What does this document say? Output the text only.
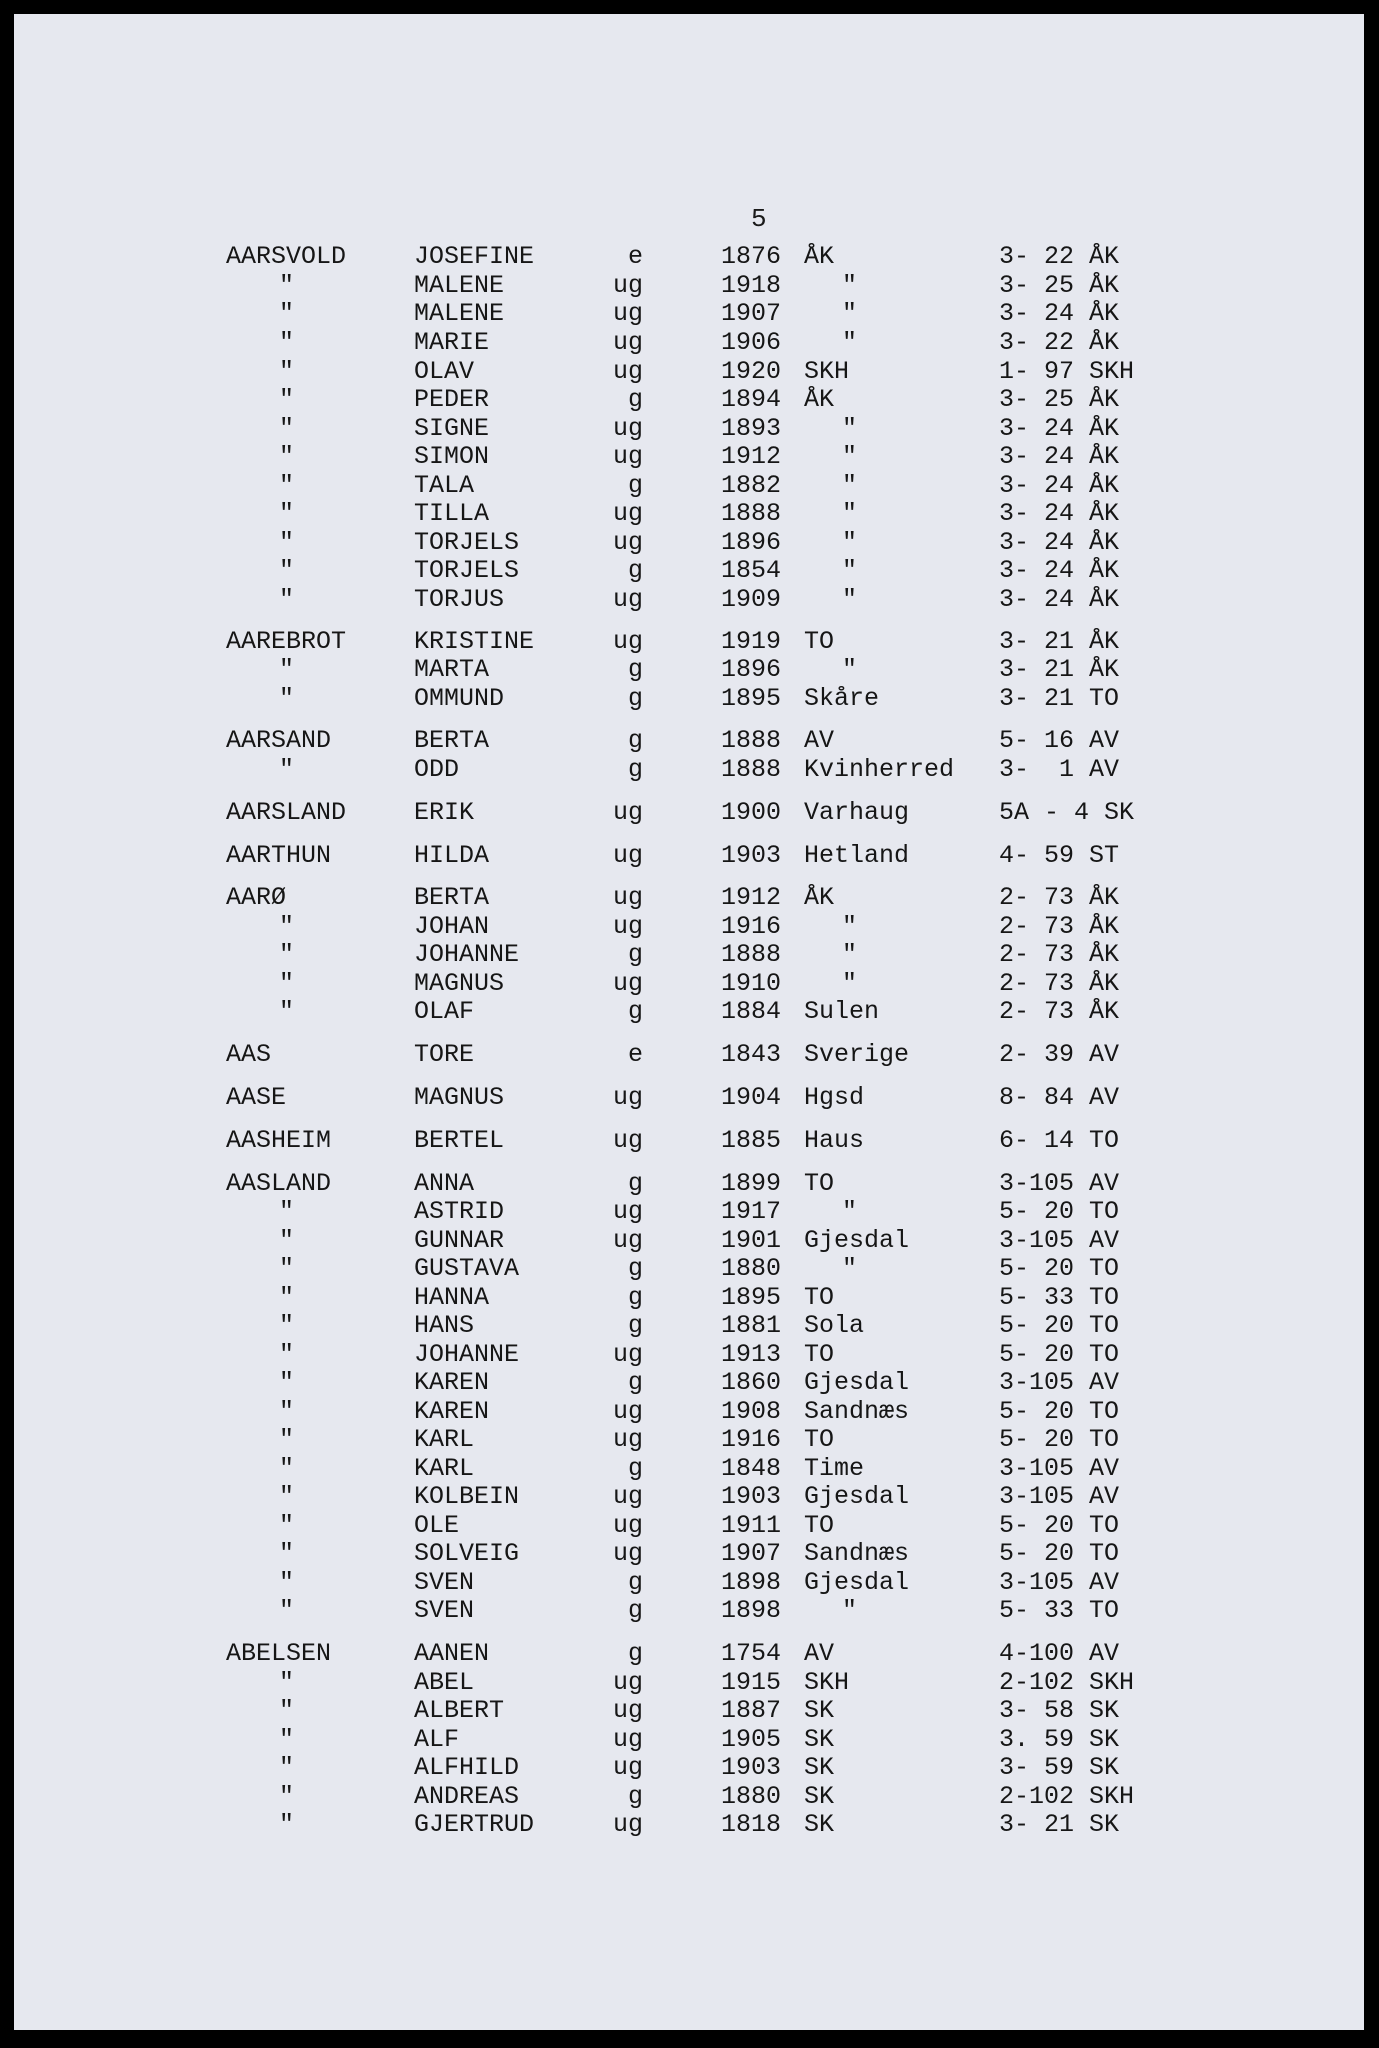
5
AARSVOLD	JOSEFINE	e	1876 ÅK	3- 22 ÅK
"	MALENE	ug	1918 "	3- 25 ÅK
"	MALENE	ug	1907 "	3- 24 ÅK
"	MARIE	ug	1906 "	3- 22 ÅK
"	OLAV	ug	1920 SKH	1- 97 SKH
"	PEDER	g	1894 ÅK	3- 25 ÅK
"	SIGNE	ug	1893 "	3- 24 ÅK
"	SIMON	ug	1912 "	3- 24 ÅK
"	TALA	g	1882 "	3- 24 ÅK
"	TILLA	ug	1888 "	3- 24 ÅK
"	TORJELS	ug	1896 "	3- 24 ÅK
"	TORJELS	g	1854 "	3- 24 ÅK
"	TORJUS	ug	1909 "	3- 24 ÅK
AAREBROT	KRISTINE	ug	1919 TO	3- 21 ÅK
"	MARTA	g	1896 "	3- 21 ÅK
"	OMMUND	g	1895 Skåre	3- 21 TO
AARSAND	BERTA	g	1888 AV	5- 16 AV
"	ODD	g	1888 Kvinherred 3-  1 AV
AARSLAND	ERIK	ug	1900 Varhaug	5A - 4 SK
AARTHUN	HILDA	ug	1903 Hetland	4- 59 ST
AARØ	BERTA	ug	1912 ÅK	2- 73 ÅK
"	JOHAN	ug	1916 "	2- 73 ÅK
"	JOHANNE	g	1888 "	2- 73 ÅK
"	MAGNUS	ug	1910 "	2- 73 ÅK
"	OLAF	g	1884 Sulen	2- 73 ÅK
AAS	TORE	e	1843 Sverige	2- 39 AV
AASE	MAGNUS	ug	1904 Hgsd	8- 84 AV
AASHEIM	BERTEL	ug	1885 Haus	6- 14 TO
AASLAND	ANNA	g	1899 TO	3-105 AV
"	ASTRID	ug	1917 "	5- 20 TO
"	GUNNAR	ug	1901 Gjesdal	3-105 AV
"	GUSTAVA	g	1880 "	5- 20 TO
"	HANNA	g	1895 TO	5- 33 TO
"	HANS	g	1881 Sola	5- 20 TO
"	JOHANNE	ug	1913 TO	5- 20 TO
"	KAREN	g	1860 Gjesdal	3-105 AV
"	KAREN	ug	1908 Sandnæs	5- 20 TO
"	KARL	ug	1916 TO	5- 20 TO
"	KARL	g	1848 Time	3-105 AV
"	KOLBEIN	ug	1903 Gjesdal	3-105 AV
"	OLE	ug	1911 TO	5- 20 TO
"	SOLVEIG	ug	1907 Sandnæs	5- 20 TO
"	SVEN	g	1898 Gjesdal	3-105 AV
"	SVEN	g	1898 "	5- 33 TO
ABELSEN	AANEN	g	1754 AV	4-100 AV
"	ABEL	ug	1915 SKH	2-102 SKH
"	ALBERT	ug	1887 SK	3- 58 SK
"	ALF	ug	1905 SK	3. 59 SK
"	ALFHILD	ug	1903 SK	3- 59 SK
"	ANDREAS	g	1880 SK	2-102 SKH
"	GJERTRUD	ug	1818 SK	3- 21 SK
